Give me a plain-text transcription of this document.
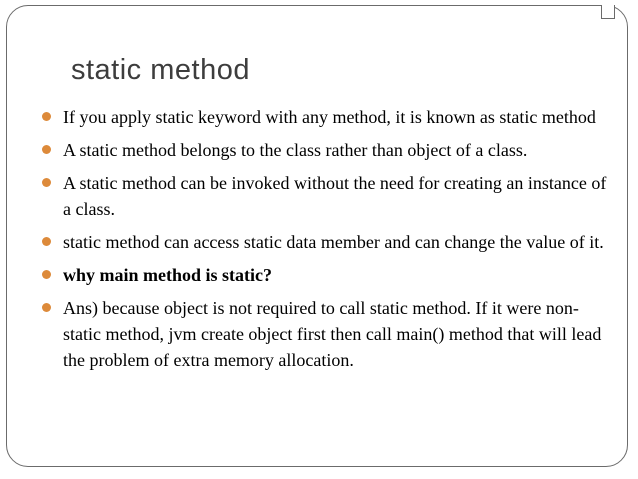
static method
If you apply static keyword with any method, it is known as static method
A static method belongs to the class rather than object of a class.
A static method can be invoked without the need for creating an instance of a class.
static method can access static data member and can change the value of it.
why main method is static?
Ans) because object is not required to call static method. If it were non-static method, jvm create object first then call main() method that will lead the problem of extra memory allocation.
